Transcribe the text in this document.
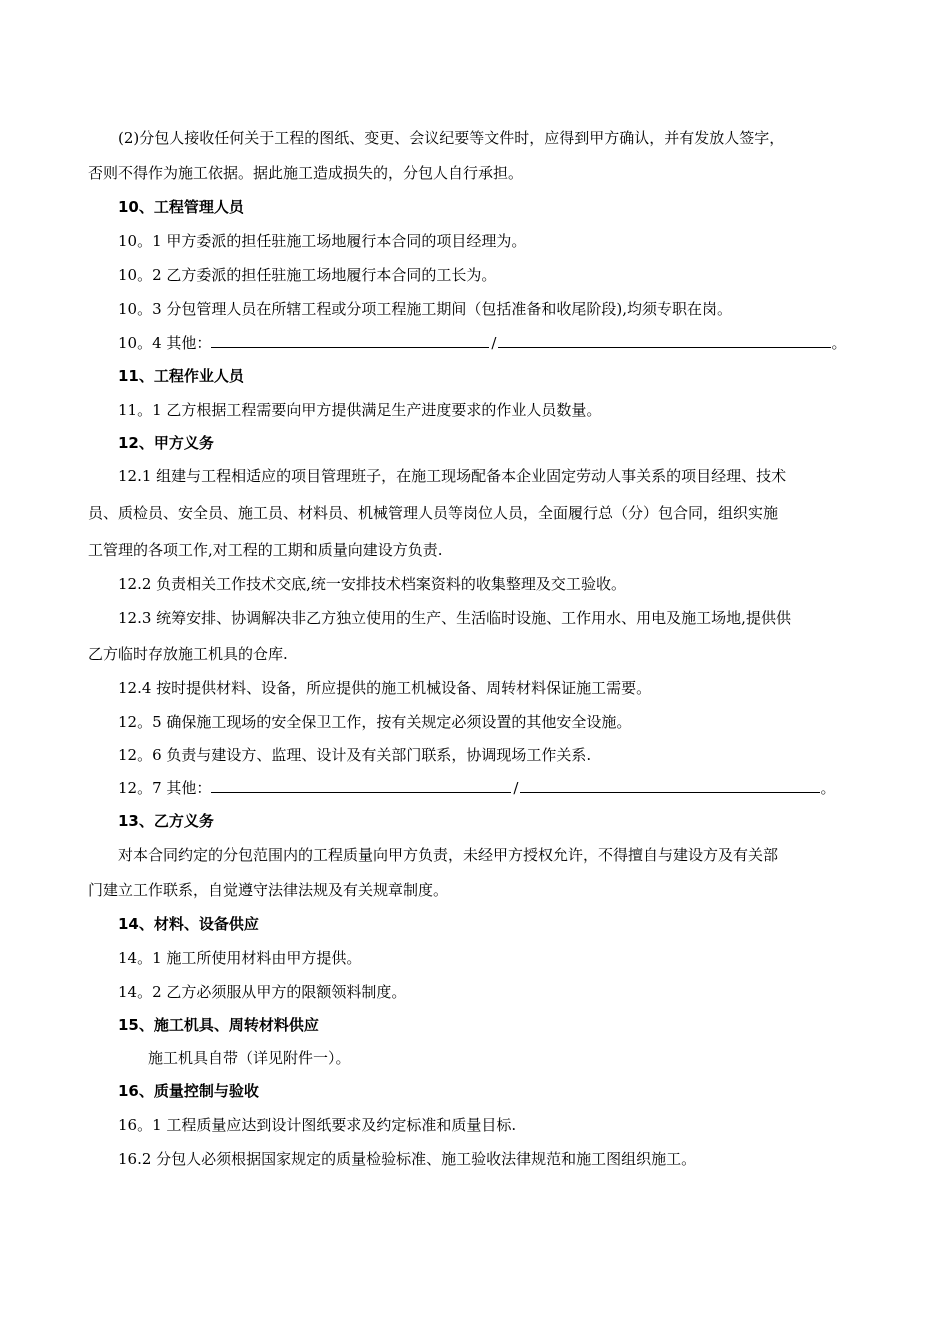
(2)分包人接收任何关于工程的图纸、变更、会议纪要等文件时，应得到甲方确认，并有发放人签字，
否则不得作为施工依据。据此施工造成损失的，分包人自行承担。
10、工程管理人员
10。1 甲方委派的担任驻施工场地履行本合同的项目经理为。
10。2 乙方委派的担任驻施工场地履行本合同的工长为。
10。3 分包管理人员在所辖工程或分项工程施工期间（包括准备和收尾阶段),均须专职在岗。
10。4 其他：	/	。
11、工程作业人员
11。1 乙方根据工程需要向甲方提供满足生产进度要求的作业人员数量。
12、甲方义务
12.1 组建与工程相适应的项目管理班子，在施工现场配备本企业固定劳动人事关系的项目经理、技术
员、质检员、安全员、施工员、材料员、机械管理人员等岗位人员，全面履行总（分）包合同，组织实施
工管理的各项工作,对工程的工期和质量向建设方负责.
12.2 负责相关工作技术交底,统一安排技术档案资料的收集整理及交工验收。
12.3 统筹安排、协调解决非乙方独立使用的生产、生活临时设施、工作用水、用电及施工场地,提供供
乙方临时存放施工机具的仓库.
12.4 按时提供材料、设备，所应提供的施工机械设备、周转材料保证施工需要。
12。5 确保施工现场的安全保卫工作，按有关规定必须设置的其他安全设施。
12。6 负责与建设方、监理、设计及有关部门联系，协调现场工作关系.
12。7 其他：	/	。
13、乙方义务
对本合同约定的分包范围内的工程质量向甲方负责，未经甲方授权允许，不得擅自与建设方及有关部
门建立工作联系，自觉遵守法律法规及有关规章制度。
14、材料、设备供应
14。1 施工所使用材料由甲方提供。
14。2 乙方必须服从甲方的限额领料制度。
15、施工机具、周转材料供应
施工机具自带（详见附件一）。
16、质量控制与验收
16。1 工程质量应达到设计图纸要求及约定标准和质量目标.
16.2 分包人必须根据国家规定的质量检验标准、施工验收法律规范和施工图组织施工。
